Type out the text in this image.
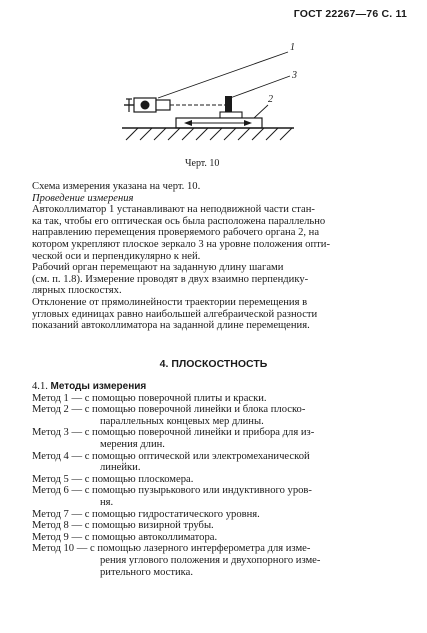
ГОСТ 22267—76 С. 11
1
3
2
Черт. 10

Схема измерения указана на черт. 10.

Проведение измерения

Автоколлиматор 1 устанавливают на неподвижной части стан-

ка так, чтобы его оптическая ось была расположена параллельно

направлению перемещения проверяемого рабочего органа 2, на

котором укрепляют плоское зеркало 3 на уровне положения опти-

ческой оси и перпендикулярно к ней.

Рабочий орган перемещают на заданную длину шагами

(см. п. 1.8). Измерение проводят в двух взаимно перпендику-

лярных плоскостях.

Отклонение от прямолинейности траектории перемещения в

угловых единицах равно наибольшей алгебраической разности

показаний автоколлиматора на заданной длине перемещения.

4. ПЛОСКОСТНОСТЬ

4.1. Методы измерения

Метод 1 — с помощью поверочной плиты и краски.
Метод 2 — с помощью поверочной линейки и блока плоско-

параллельных концевых мер длины.

Метод 3 — с помощью поверочной линейки и прибора для из-

мерения длин.

Метод 4 — с помощью оптической или электромеханической

линейки.

Метод 5 — с помощью плоскомера.
Метод 6 — с помощью пузырькового или индуктивного уров-

ня.

Метод 7 — с помощью гидростатического уровня.
Метод 8 — с помощью визирной трубы.
Метод 9 — с помощью автоколлиматора.
Метод 10 — с помощью лазерного интерферометра для изме-

рения углового положения и двухопорного изме-

рительного мостика.
